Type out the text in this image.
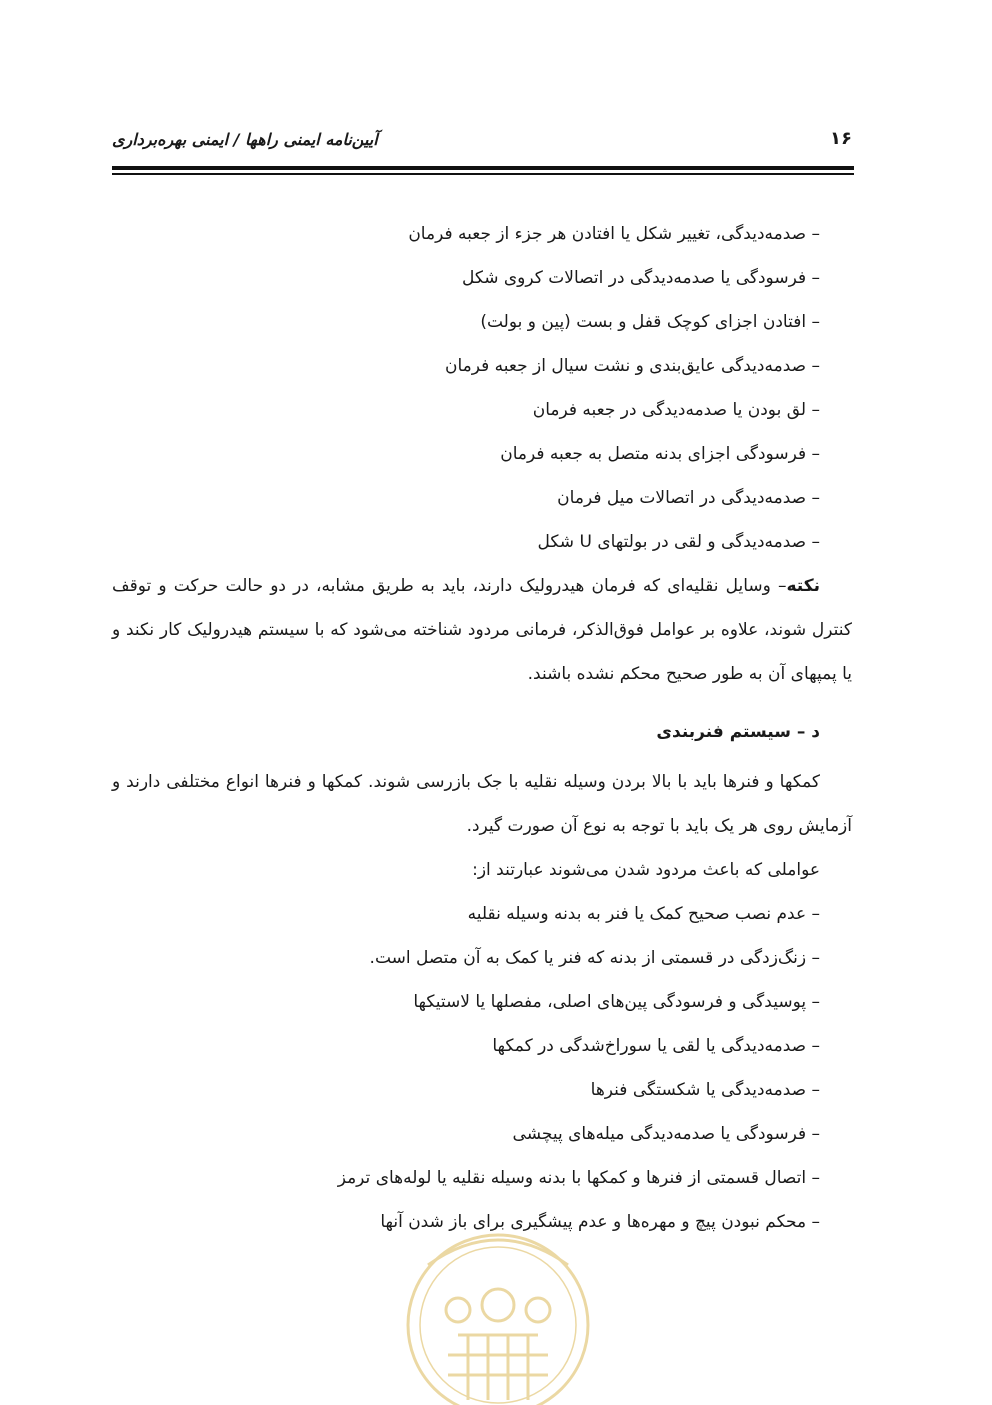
۱۶
آیین‌نامه ایمنی راهها / ایمنی بهره‌برداری
– صدمه‌دیدگی، تغییر شکل یا افتادن هر جزء از جعبه فرمان
– فرسودگی یا صدمه‌دیدگی در اتصالات کروی شکل
– افتادن اجزای کوچک قفل و بست (پین و بولت)
– صدمه‌دیدگی عایق‌بندی و نشت سیال از جعبه فرمان
– لق بودن یا صدمه‌دیدگی در جعبه فرمان
– فرسودگی اجزای بدنه متصل به جعبه فرمان
– صدمه‌دیدگی در اتصالات میل فرمان
– صدمه‌دیدگی و لقی در بولتهای U شکل
نکته– وسایل نقلیه‌ای که فرمان هیدرولیک دارند، باید به طریق مشابه، در دو حالت حرکت و توقف کنترل شوند، علاوه بر عوامل فوق‌الذکر، فرمانی مردود شناخته می‌شود که با سیستم هیدرولیک کار نکند و یا پمپهای آن به طور صحیح محکم نشده باشند.
د – سیستم فنربندی
کمکها و فنرها باید با بالا بردن وسیله نقلیه با جک بازرسی شوند. کمکها و فنرها انواع مختلفی دارند و آزمایش روی هر یک باید با توجه به نوع آن صورت گیرد.
عواملی که باعث مردود شدن می‌شوند عبارتند از:
– عدم نصب صحیح کمک یا فنر به بدنه وسیله نقلیه
– زنگ‌زدگی در قسمتی از بدنه که فنر یا کمک به آن متصل است.
– پوسیدگی و فرسودگی پین‌های اصلی، مفصلها یا لاستیکها
– صدمه‌دیدگی یا لقی یا سوراخ‌شدگی در کمکها
– صدمه‌دیدگی یا شکستگی فنرها
– فرسودگی یا صدمه‌دیدگی میله‌های پیچشی
– اتصال قسمتی از فنرها و کمکها با بدنه وسیله نقلیه یا لوله‌های ترمز
– محکم نبودن پیچ و مهره‌ها و عدم پیشگیری برای باز شدن آنها
